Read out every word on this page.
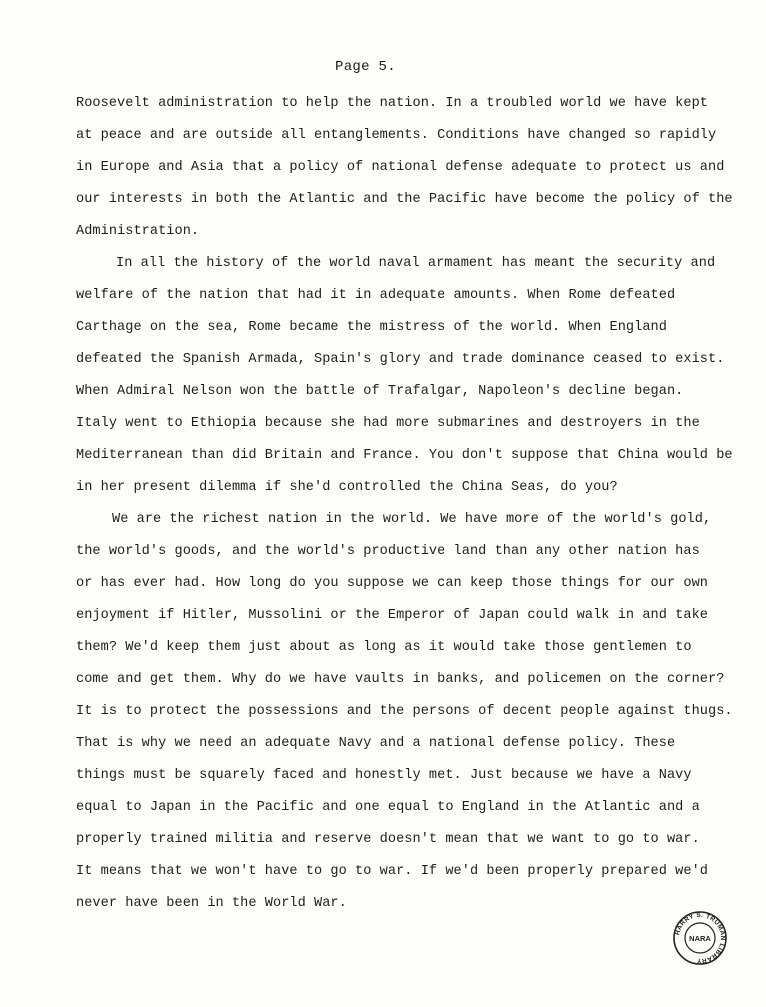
Page 5.
Roosevelt administration to help the nation. In a troubled world we have kept
at peace and are outside all entanglements. Conditions have changed so rapidly
in Europe and Asia that a policy of national defense adequate to protect us and
our interests in both the Atlantic and the Pacific have become the policy of the
Administration.
In all the history of the world naval armament has meant the security and
welfare of the nation that had it in adequate amounts. When Rome defeated
Carthage on the sea, Rome became the mistress of the world. When England
defeated the Spanish Armada, Spain's glory and trade dominance ceased to exist.
When Admiral Nelson won the battle of Trafalgar, Napoleon's decline began.
Italy went to Ethiopia because she had more submarines and destroyers in the
Mediterranean than did Britain and France. You don't suppose that China would be
in her present dilemma if she'd controlled the China Seas, do you?
We are the richest nation in the world. We have more of the world's gold,
the world's goods, and the world's productive land than any other nation has
or has ever had. How long do you suppose we can keep those things for our own
enjoyment if Hitler, Mussolini or the Emperor of Japan could walk in and take
them? We'd keep them just about as long as it would take those gentlemen to
come and get them. Why do we have vaults in banks, and policemen on the corner?
It is to protect the possessions and the persons of decent people against thugs.
That is why we need an adequate Navy and a national defense policy. These
things must be squarely faced and honestly met. Just because we have a Navy
equal to Japan in the Pacific and one equal to England in the Atlantic and a
properly trained militia and reserve doesn't mean that we want to go to war.
It means that we won't have to go to war. If we'd been properly prepared we'd
never have been in the World War.
HARRY S. TRUMAN LIBRARY
NARA
